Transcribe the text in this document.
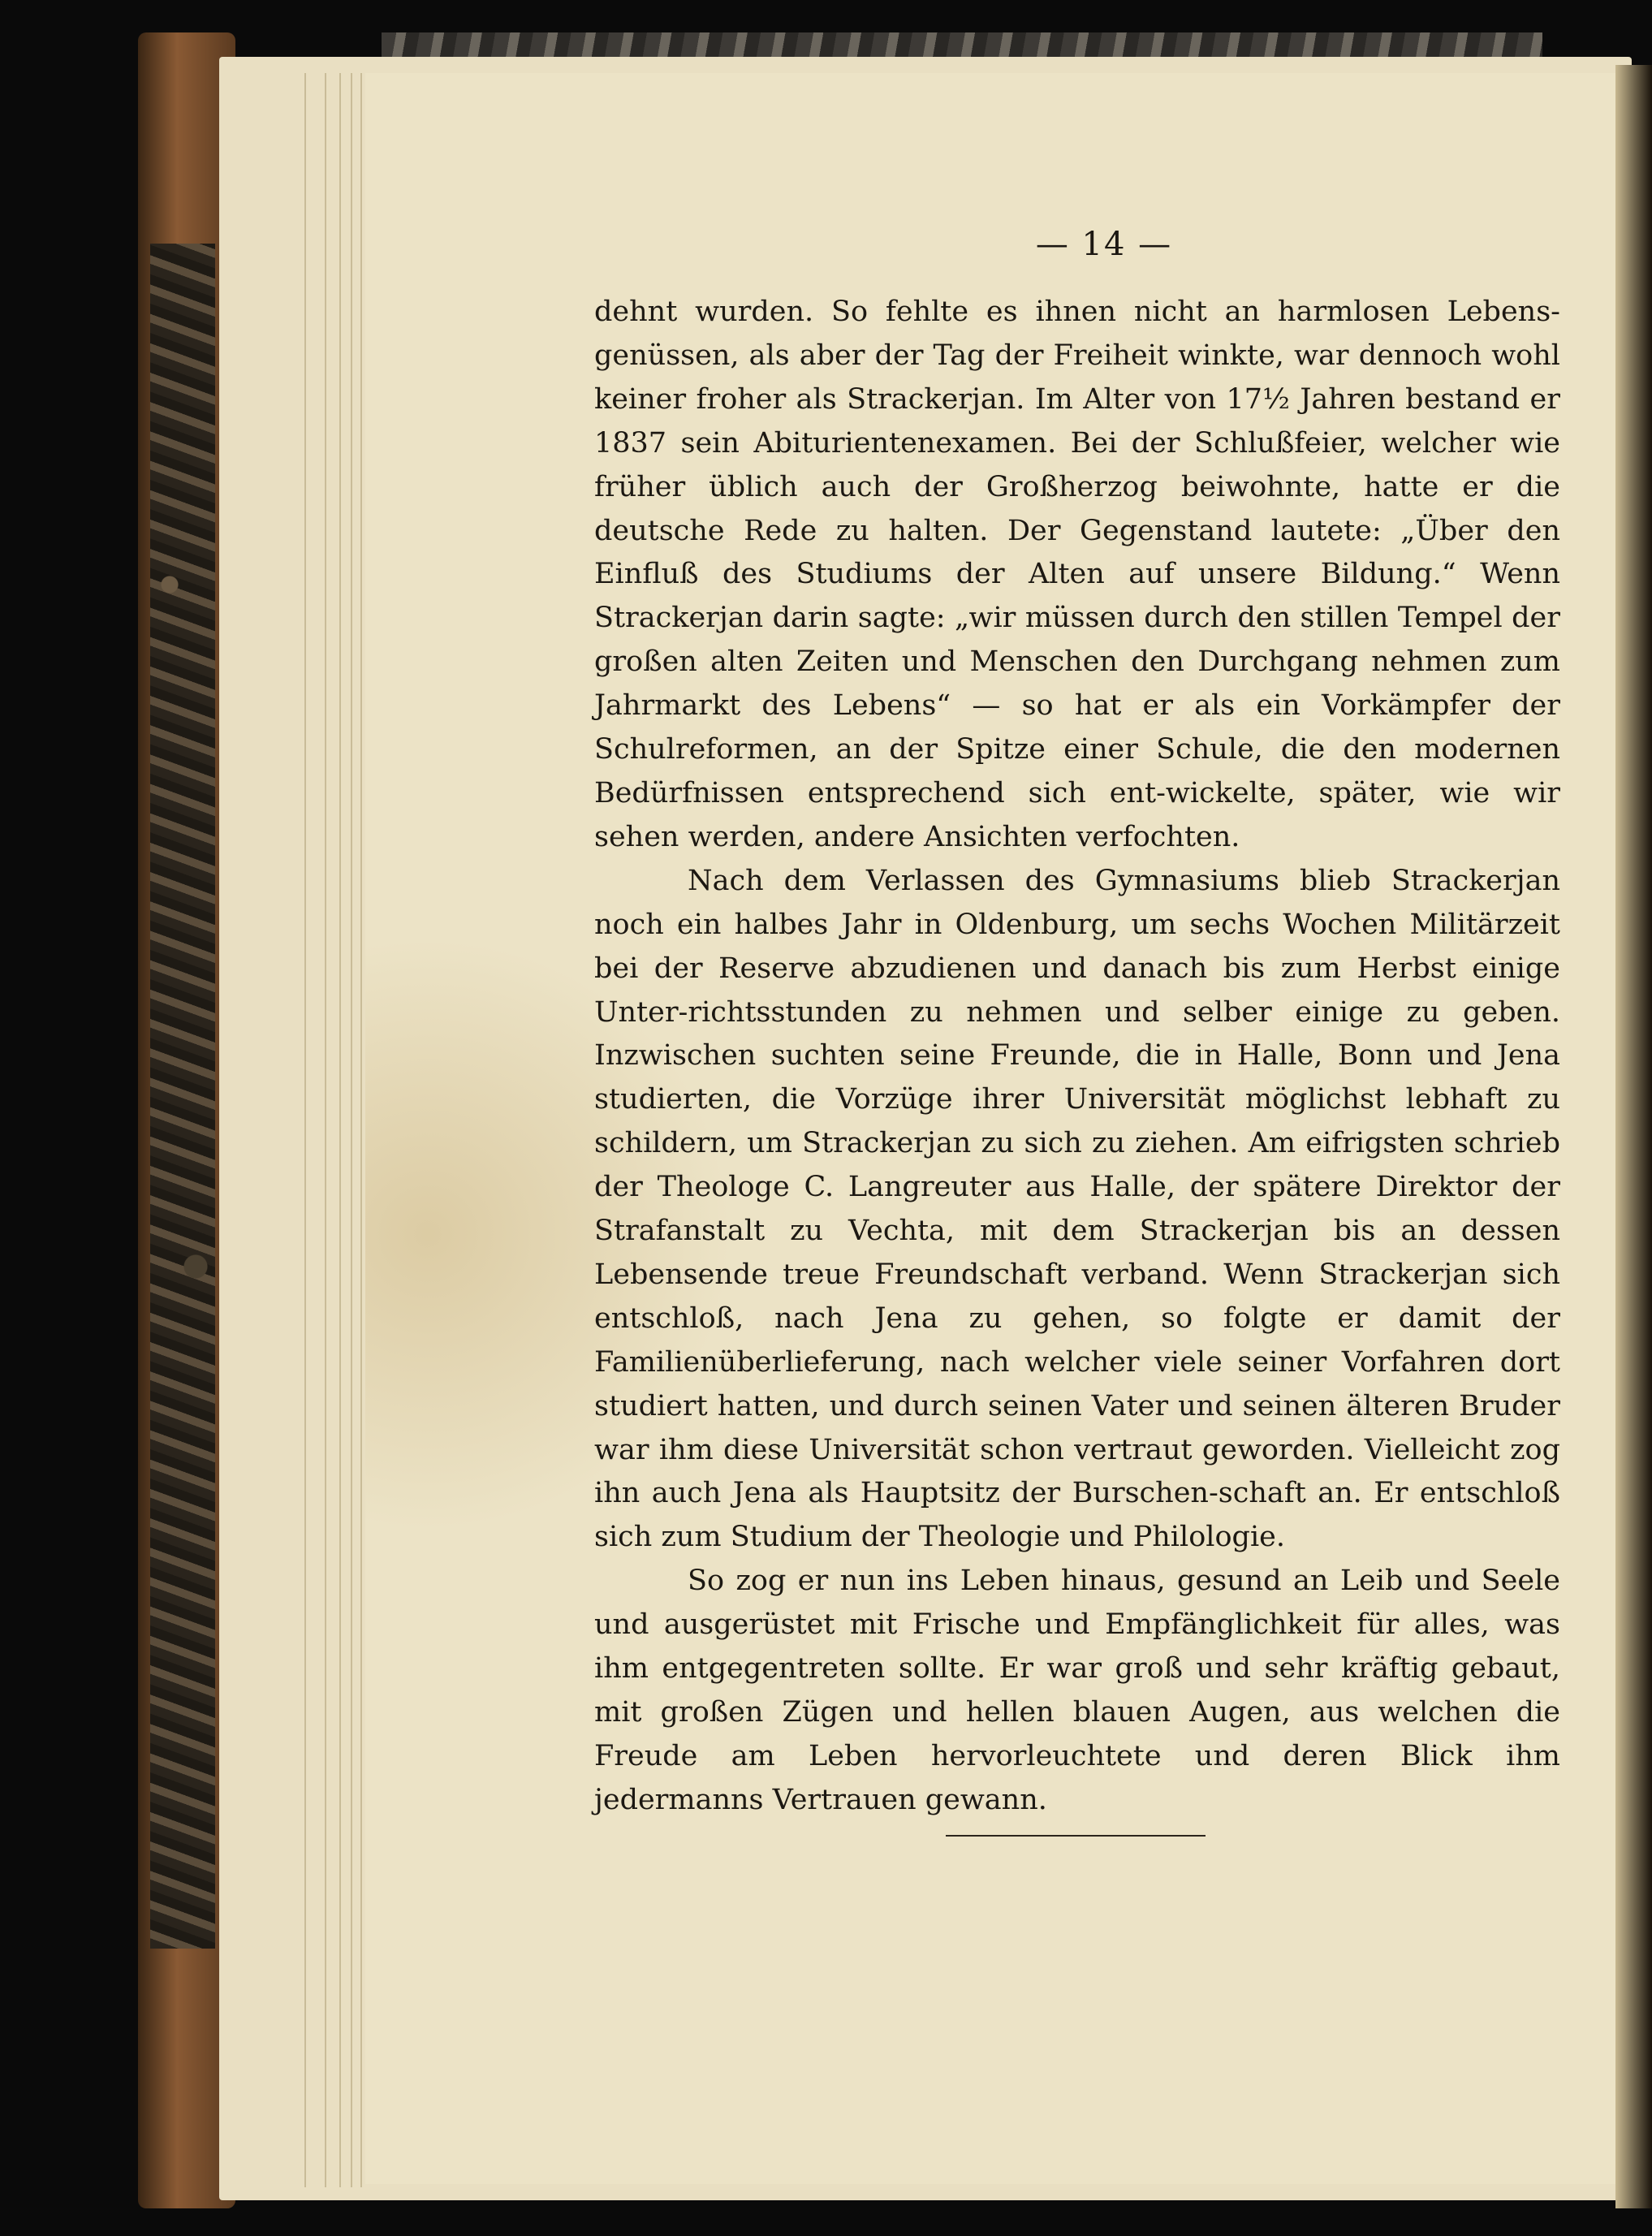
— 14 —

dehnt wurden. So fehlte es ihnen nicht an harmlosen Lebens-genüssen, als aber der Tag der Freiheit winkte, war dennoch wohl keiner froher als Strackerjan. Im Alter von 17½ Jahren bestand er 1837 sein Abiturientenexamen. Bei der Schlußfeier, welcher wie früher üblich auch der Großherzog beiwohnte, hatte er die deutsche Rede zu halten. Der Gegenstand lautete: „Über den Einfluß des Studiums der Alten auf unsere Bildung.“ Wenn Strackerjan darin sagte: „wir müssen durch den stillen Tempel der großen alten Zeiten und Menschen den Durchgang nehmen zum Jahrmarkt des Lebens“ — so hat er als ein Vorkämpfer der Schulreformen, an der Spitze einer Schule, die den modernen Bedürfnissen entsprechend sich ent-wickelte, später, wie wir sehen werden, andere Ansichten verfochten.

Nach dem Verlassen des Gymnasiums blieb Strackerjan noch ein halbes Jahr in Oldenburg, um sechs Wochen Militärzeit bei der Reserve abzudienen und danach bis zum Herbst einige Unter-richtsstunden zu nehmen und selber einige zu geben. Inzwischen suchten seine Freunde, die in Halle, Bonn und Jena studierten, die Vorzüge ihrer Universität möglichst lebhaft zu schildern, um Strackerjan zu sich zu ziehen. Am eifrigsten schrieb der Theologe C. Langreuter aus Halle, der spätere Direktor der Strafanstalt zu Vechta, mit dem Strackerjan bis an dessen Lebensende treue Freundschaft verband. Wenn Strackerjan sich entschloß, nach Jena zu gehen, so folgte er damit der Familienüberlieferung, nach welcher viele seiner Vorfahren dort studiert hatten, und durch seinen Vater und seinen älteren Bruder war ihm diese Universität schon vertraut geworden. Vielleicht zog ihn auch Jena als Hauptsitz der Burschen-schaft an. Er entschloß sich zum Studium der Theologie und Philologie.

So zog er nun ins Leben hinaus, gesund an Leib und Seele und ausgerüstet mit Frische und Empfänglichkeit für alles, was ihm entgegentreten sollte. Er war groß und sehr kräftig gebaut, mit großen Zügen und hellen blauen Augen, aus welchen die Freude am Leben hervorleuchtete und deren Blick ihm jedermanns Vertrauen gewann.
